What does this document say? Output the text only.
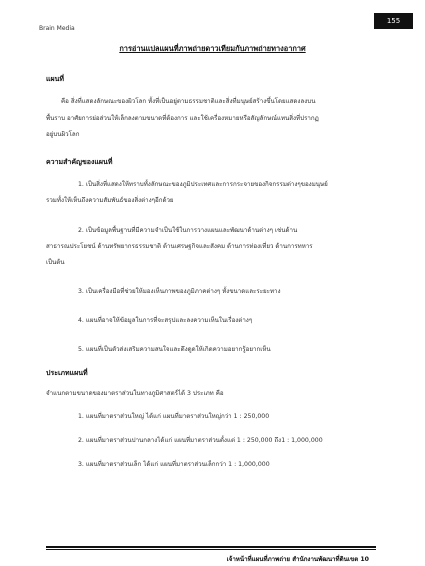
Brain Media
155
การอ่านแปลแผนที่ภาพถ่ายดาวเทียมกับภาพถ่ายทางอากาศ
แผนที่
คือ สิ่งที่แสดงลักษณะของผิวโลก ทั้งที่เป็นอยู่ตามธรรมชาติและสิ่งที่มนุษย์สร้างขึ้นโดยแสดงลงบน
พื้นราบ อาศัยการย่อส่วนให้เล็กลงตามขนาดที่ต้องการ และใช้เครื่องหมายหรือสัญลักษณ์แทนสิ่งที่ปรากฏ
อยู่บนผิวโลก
ความสำคัญของแผนที่
1. เป็นสิ่งที่แสดงให้ทราบทั้งลักษณะของภูมิประเทศและการกระจายของกิจกรรมต่างๆของมนุษย์
รวมทั้งให้เห็นถึงความสัมพันธ์ของสิ่งต่างๆอีกด้วย
2. เป็นข้อมูลพื้นฐานที่มีความจำเป็นใช้ในการวางแผนและพัฒนาด้านต่างๆ เช่นด้าน
สาธารณประโยชน์ ด้านทรัพยากรธรรมชาติ ด้านเศรษฐกิจและสังคม ด้านการท่องเที่ยว ด้านการทหาร
เป็นต้น
3. เป็นเครื่องมือที่ช่วยให้มองเห็นภาพของภูมิภาคต่างๆ ทั้งขนาดและระยะทาง
4. แผนที่อาจให้ข้อมูลในการที่จะสรุปและลงความเห็นในเรื่องต่างๆ
5. แผนที่เป็นตัวส่งเสริมความสนใจและดึงดูดให้เกิดความอยากรู้อยากเห็น
ประเภทแผนที่
จำแนกตามขนาดของมาตราส่วนในทางภูมิศาสตร์ได้ 3 ประเภท คือ
1. แผนที่มาตราส่วนใหญ่ ได้แก่ แผนที่มาตราส่วนใหญ่กว่า 1 : 250,000
2. แผนที่มาตราส่วนปานกลางได้แก่ แผนที่มาตราส่วนตั้งแต่ 1 : 250,000 ถึง1 : 1,000,000
3. แผนที่มาตราส่วนเล็ก ได้แก่ แผนที่มาตราส่วนเล็กกว่า 1 : 1,000,000
เจ้าหน้าที่แผนที่ภาพถ่าย สำนักงานพัฒนาที่ดินเขต 10
